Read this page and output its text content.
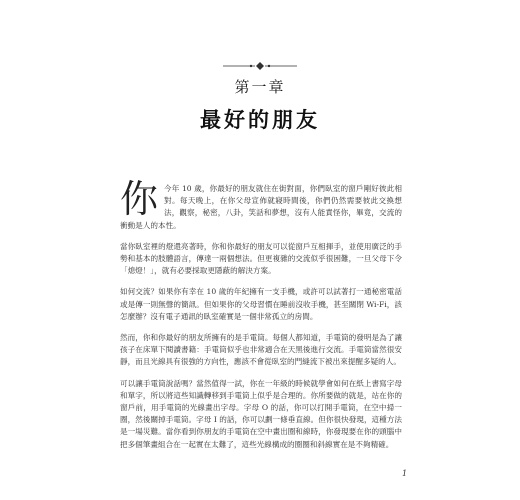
第一章
最好的朋友

你今年 10 歲，你最好的朋友就住在街對面，你們臥室的窗戶剛好彼此相對。每天晚上，在你父母宣佈就寢時間後，你們仍然需要彼此交換想法，觀察，秘密，八卦，笑話和夢想，沒有人能責怪你，畢竟，交流的衝動是人的本性。

當你臥室裡的燈還亮著時，你和你最好的朋友可以從窗戶互相揮手，並使用廣泛的手勢和基本的肢體語言，傳達一兩個想法。但更複雜的交流似乎很困難，一旦父母下令「熄燈！」，就有必要採取更隱蔽的解決方案。

如何交流？如果你有幸在 10 歲的年紀擁有一支手機，或許可以試著打一通秘密電話或是傳一則無聲的簡訊。但如果你的父母習慣在睡前沒收手機，甚至關閉 Wi-Fi，該怎麼辦？沒有電子通訊的臥室確實是一個非常孤立的房間。

然而，你和你最好的朋友所擁有的是手電筒。每個人都知道，手電筒的發明是為了讓孩子在床單下閱讀書籍：手電筒似乎也非常適合在天黑後進行交流。手電筒當然很安靜，而且光線具有很強的方向性，應該不會從臥室的門縫流下被出來提醒多疑的人。

可以讓手電筒說話嗎？當然值得一試，你在一年級的時候就學會如何在紙上書寫字母和單字，所以將這些知識轉移到手電筒上似乎是合理的。你所要做的就是，站在你的窗戶前，用手電筒的光線畫出字母。字母 O 的話，你可以打開手電筒，在空中掃一圈，然後關掉手電筒。字母 I 的話，你可以劃一條垂直線。但你很快發現，這種方法是一場災難。當你看到你朋友的手電筒在空中畫出圈和線時，你發現要在你的頭腦中把多個筆畫組合在一起實在太難了，這些光線構成的圈圈和斜線實在是不夠精確。

1
